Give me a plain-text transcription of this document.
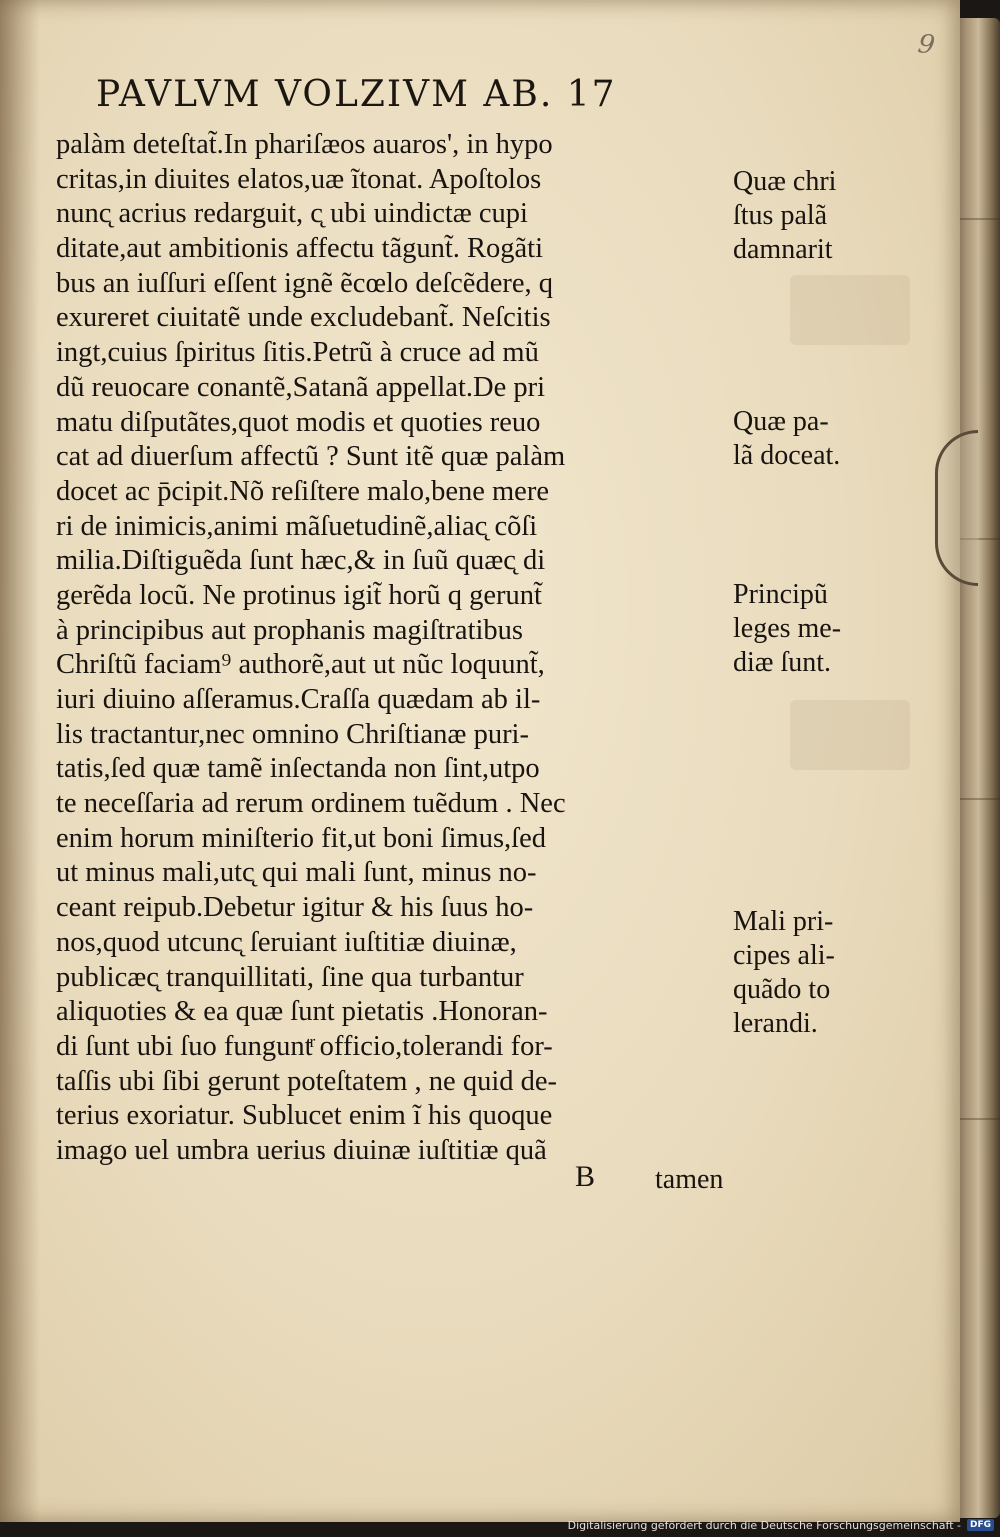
9
PAVLVM VOLZIVM AB. 17
palàm deteſtat̃.In phariſæos auaros', in hypo
critas,in diuites elatos,uæ ĩtonat. Apoſtolos
nunc̨ acrius redarguit, c̨ ubi uindictæ cupi
ditate,aut ambitionis affectu tãgunt̃. Rogãti
bus an iuſſuri eſſent ignẽ ẽcœlo deſcẽdere, q
exureret ciuitatẽ unde excludebant̃. Neſcitis
ingt,cuius ſpiritus ſitis.Petrũ à cruce ad mũ
dũ reuocare conantẽ,Satanã appellat.De pri
matu diſputãtes,quot modis et quoties reuo
cat ad diuerſum affectũ ? Sunt itẽ quæ palàm
docet ac p̄cipit.Nõ reſiſtere malo,bene mere
ri de inimicis,animi mãſuetudinẽ,aliac̨ cõſi
milia.Diſtiguẽda ſunt hæc,& in ſuũ quæc̨ di
gerẽda locũ. Ne protinus igit̃ horũ q gerunt̃
à principibus aut prophanis magiſtratibus
Chriſtũ faciam⁹ authorẽ,aut ut nũc loquunt̃,
iuri diuino aſſeramus.Craſſa quædam ab il-
lis tractantur,nec omnino Chriſtianæ puri-
tatis,ſed quæ tamẽ inſectanda non ſint,utpo
te neceſſaria ad rerum ordinem tuẽdum . Nec
enim horum miniſterio fit,ut boni ſimus,ſed
ut minus mali,utc̨ qui mali ſunt, minus no-
ceant reipub.Debetur igitur & his ſuus ho-
nos,quod utcunc̨ ſeruiant iuſtitiæ diuinæ,
publicæc̨ tranquillitati, ſine qua turbantur
aliquoties & ea quæ ſunt pietatis .Honoran-
di ſunt ubi ſuo funguntͬ officio,tolerandi for-
taſſis ubi ſibi gerunt poteſtatem , ne quid de-
terius exoriatur. Sublucet enim ĩ his quoque
imago uel umbra uerius diuinæ iuſtitiæ quã
B tamen
Quæ chri
ſtus palã
damnarit
Quæ pa-
lã doceat.
Principũ
leges me-
diæ ſunt.
Mali pri-
cipes ali-
quãdo to
lerandi.
Digitalisierung gefördert durch die Deutsche Forschungsgemeinschaft -	DFG
